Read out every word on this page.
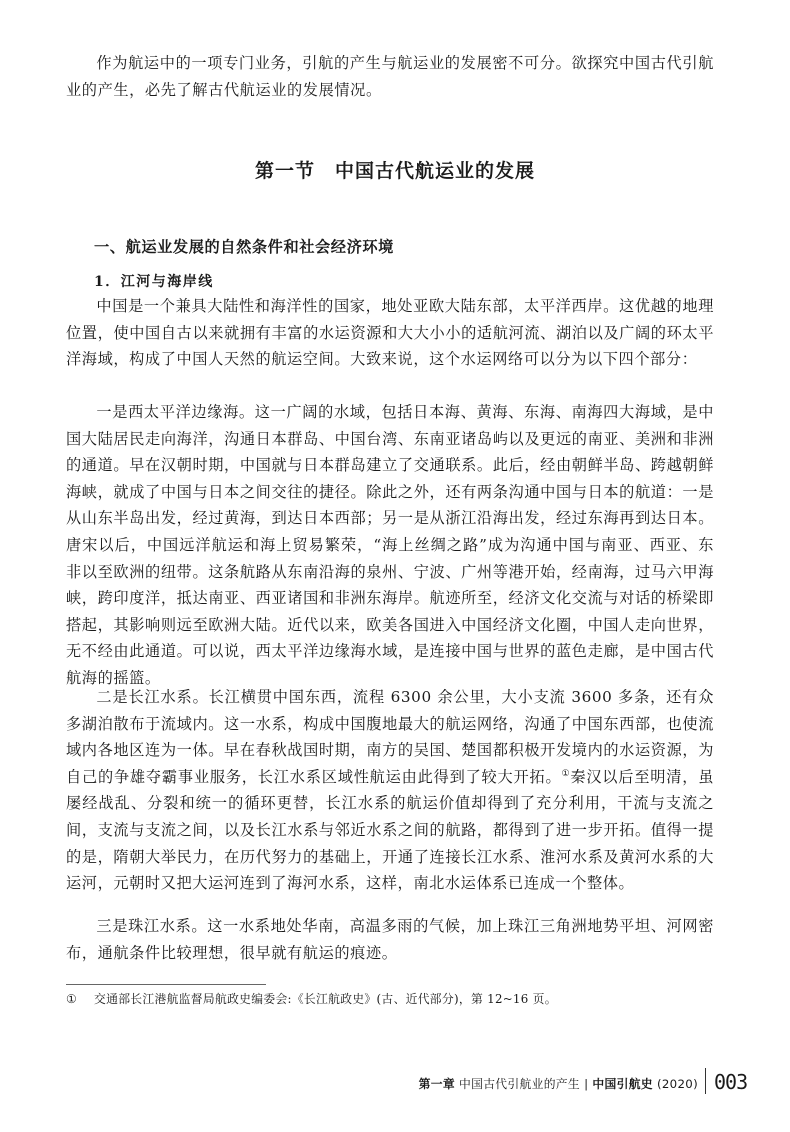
作为航运中的一项专门业务，引航的产生与航运业的发展密不可分。欲探究中国古代引航业的产生，必先了解古代航运业的发展情况。

第一节　中国古代航运业的发展
一、航运业发展的自然条件和社会经济环境
1．江河与海岸线

中国是一个兼具大陆性和海洋性的国家，地处亚欧大陆东部，太平洋西岸。这优越的地理位置，使中国自古以来就拥有丰富的水运资源和大大小小的适航河流、湖泊以及广阔的环太平洋海域，构成了中国人天然的航运空间。大致来说，这个水运网络可以分为以下四个部分：

一是西太平洋边缘海。这一广阔的水域，包括日本海、黄海、东海、南海四大海域，是中国大陆居民走向海洋，沟通日本群岛、中国台湾、东南亚诸岛屿以及更远的南亚、美洲和非洲的通道。早在汉朝时期，中国就与日本群岛建立了交通联系。此后，经由朝鲜半岛、跨越朝鲜海峡，就成了中国与日本之间交往的捷径。除此之外，还有两条沟通中国与日本的航道：一是从山东半岛出发，经过黄海，到达日本西部；另一是从浙江沿海出发，经过东海再到达日本。唐宋以后，中国远洋航运和海上贸易繁荣，“海上丝绸之路”成为沟通中国与南亚、西亚、东非以至欧洲的纽带。这条航路从东南沿海的泉州、宁波、广州等港开始，经南海，过马六甲海峡，跨印度洋，抵达南亚、西亚诸国和非洲东海岸。航迹所至，经济文化交流与对话的桥梁即搭起，其影响则远至欧洲大陆。近代以来，欧美各国进入中国经济文化圈，中国人走向世界，无不经由此通道。可以说，西太平洋边缘海水域，是连接中国与世界的蓝色走廊，是中国古代航海的摇篮。

二是长江水系。长江横贯中国东西，流程 6300 余公里，大小支流 3600 多条，还有众多湖泊散布于流域内。这一水系，构成中国腹地最大的航运网络，沟通了中国东西部，也使流域内各地区连为一体。早在春秋战国时期，南方的吴国、楚国都积极开发境内的水运资源，为自己的争雄夺霸事业服务，长江水系区域性航运由此得到了较大开拓。①秦汉以后至明清，虽屡经战乱、分裂和统一的循环更替，长江水系的航运价值却得到了充分利用，干流与支流之间，支流与支流之间，以及长江水系与邻近水系之间的航路，都得到了进一步开拓。值得一提的是，隋朝大举民力，在历代努力的基础上，开通了连接长江水系、淮河水系及黄河水系的大运河，元朝时又把大运河连到了海河水系，这样，南北水运体系已连成一个整体。

三是珠江水系。这一水系地处华南，高温多雨的气候，加上珠江三角洲地势平坦、河网密布，通航条件比较理想，很早就有航运的痕迹。

① 交通部长江港航监督局航政史编委会:《长江航政史》(古、近代部分)，第 12~16 页。

第一章 中国古代引航业的产生 | 中国引航史 (2020) 003
